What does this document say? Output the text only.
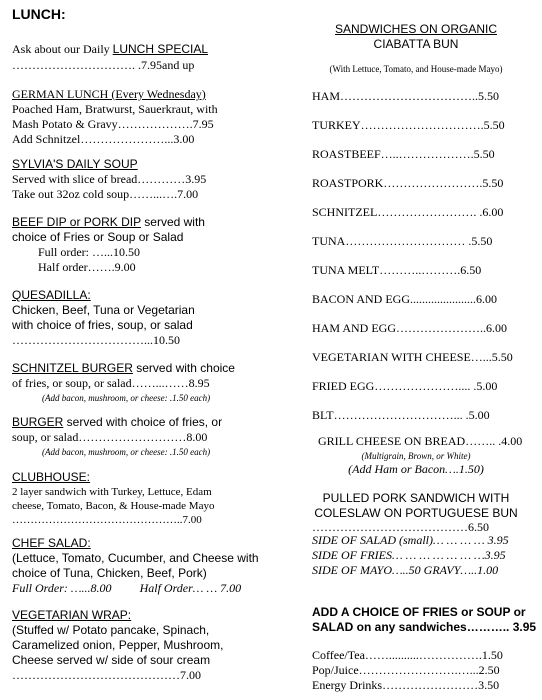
LUNCH:
Ask about our Daily LUNCH SPECIAL
…………………………. .7.95and up
GERMAN LUNCH (Every Wednesday)
Poached Ham, Bratwurst, Sauerkraut, with
Mash Potato & Gravy……………….7.95
Add Schnitzel…………………...3.00
SYLVIA'S DAILY SOUP
Served with slice of bread…………3.95
Take out 32oz cold soup……...….7.00
BEEF DIP or PORK DIP served with
choice of Fries or Soup or Salad
Full order: …...10.50
Half order…….9.00
QUESADILLA:
Chicken, Beef, Tuna or Vegetarian
with choice of fries, soup, or salad
……………………………...10.50
SCHNITZEL BURGER served with choice
of fries, or soup, or salad……...……8.95
(Add bacon, mushroom, or cheese: .1.50 each)
BURGER served with choice of fries, or
soup, or salad………………………8.00
(Add bacon, mushroom, or cheese: .1.50 each)
CLUBHOUSE:
2 layer sandwich with Turkey, Lettuce, Edam
cheese, Tomato, Bacon, & House-made Mayo
………………………………………..7.00
CHEF SALAD:
(Lettuce, Tomato, Cucumber, and Cheese with
choice of Tuna, Chicken, Beef, Pork)
Full Order: …...8.00 Half Order… … 7.00
VEGETARIAN WRAP:
(Stuffed w/ Potato pancake, Spinach,
Caramelized onion, Pepper, Mushroom,
Cheese served w/ side of sour cream
……………………………………7.00
SANDWICHES ON ORGANIC
CIABATTA BUN
(With Lettuce, Tomato, and House-made Mayo)
HAM……………………………..5.50
TURKEY………………………….5.50
ROASTBEEF…..……………….5.50
ROASTPORK…………………….5.50
SCHNITZEL……………………. .6.00
TUNA………………………… .5.50
TUNA MELT………..……….6.50
BACON AND EGG......................6.00
HAM AND EGG…………………..6.00
VEGETARIAN WITH CHEESE…...5.50
FRIED EGG………………….... .5.00
BLT…………………………... .5.00
GRILL CHEESE ON BREAD…….. .4.00
(Multigrain, Brown, or White)
(Add Ham or Bacon….1.50)
PULLED PORK SANDWICH WITH
COLESLAW ON PORTUGUESE BUN
…………………………………6.50
SIDE OF SALAD (small)… … … … 3.95
SIDE OF FRIES… … … … … … …3.95
SIDE OF MAYO…..50 GRAVY…..1.00
ADD A CHOICE OF FRIES or SOUP or
SALAD on any sandwiches……….. 3.95
Coffee/Tea……..........…………….1.50
Pop/Juice…………………….…...2.50
Energy Drinks……………………3.50
